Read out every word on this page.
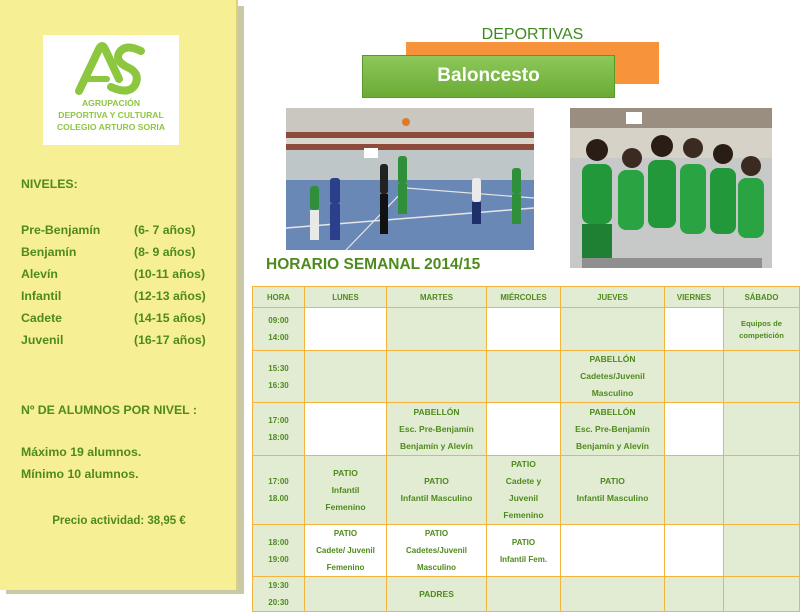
AGRUPACIÓN
DEPORTIVA Y CULTURAL
COLEGIO ARTURO SORIA
NIVELES:
Pre-Benjamín	(6- 7 años)
Benjamín	(8- 9 años)
Alevín	(10-11 años)
Infantil	(12-13 años)
Cadete	(14-15 años)
Juvenil	(16-17 años)
Nº DE ALUMNOS POR NIVEL :
Máximo 19 alumnos.
Mínimo 10 alumnos.
Precio actividad: 38,95 €
DEPORTIVAS
Baloncesto
HORARIO SEMANAL 2014/15
HORA	LUNES	MARTES	MIÉRCOLES	JUEVES	VIERNES	SÁBADO

09:00
14:00						Equipos de competición

15:30
16:30				PABELLÓN
Cadetes/Juvenil Masculino		

17:00
18:00		PABELLÓN
Esc. Pre-Benjamín
Benjamín y Alevín		PABELLÓN
Esc. Pre-Benjamín
Benjamín y Alevín		

17:00
18.00	PATIO
Infantil
Femenino	PATIO
Infantil Masculino	PATIO
Cadete y
Juvenil
Femenino	PATIO
Infantil Masculino		

18:00
19:00	PATIO
Cadete/ Juvenil Femenino	PATIO
Cadetes/Juvenil Masculino	PATIO
Infantil Fem.			

19:30
20:30		PADRES				
